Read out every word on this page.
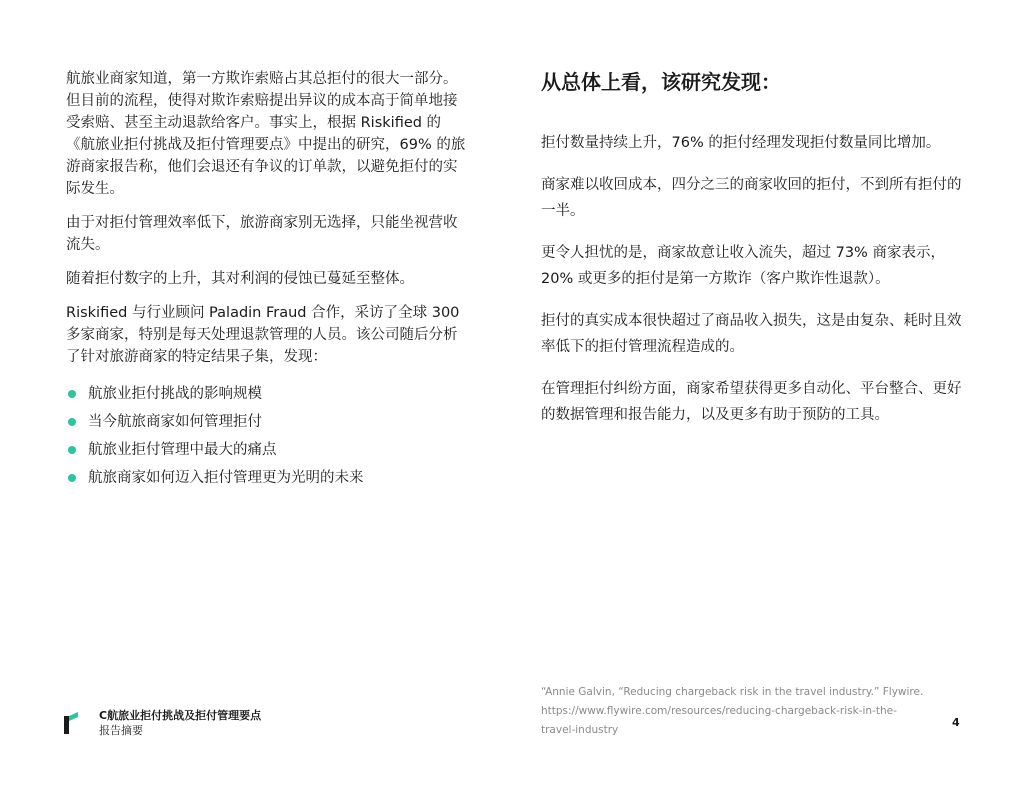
航旅业商家知道，第一方欺诈索赔占其总拒付的很大一部分。但目前的流程，使得对欺诈索赔提出异议的成本高于简单地接受索赔、甚至主动退款给客户。事实上，根据 Riskified 的《航旅业拒付挑战及拒付管理要点》中提出的研究，69% 的旅游商家报告称，他们会退还有争议的订单款，以避免拒付的实际发生。

由于对拒付管理效率低下，旅游商家别无选择，只能坐视营收流失。

随着拒付数字的上升，其对利润的侵蚀已蔓延至整体。

Riskified 与行业顾问 Paladin Fraud 合作，采访了全球 300 多家商家，特别是每天处理退款管理的人员。该公司随后分析了针对旅游商家的特定结果子集，发现：

航旅业拒付挑战的影响规模
当今航旅商家如何管理拒付
航旅业拒付管理中最大的痛点
航旅商家如何迈入拒付管理更为光明的未来
从总体上看，该研究发现：

拒付数量持续上升，76% 的拒付经理发现拒付数量同比增加。

商家难以收回成本，四分之三的商家收回的拒付，不到所有拒付的一半。

更令人担忧的是，商家故意让收入流失，超过 73% 商家表示，20% 或更多的拒付是第一方欺诈（客户欺诈性退款）。

拒付的真实成本很快超过了商品收入损失，这是由复杂、耗时且效率低下的拒付管理流程造成的。

在管理拒付纠纷方面，商家希望获得更多自动化、平台整合、更好的数据管理和报告能力，以及更多有助于预防的工具。

C航旅业拒付挑战及拒付管理要点
报告摘要
“Annie Galvin, “Reducing chargeback risk in the travel industry.” Flywire. https://www.flywire.com/resources/reducing-chargeback-risk-in-the-travel-industry
4
